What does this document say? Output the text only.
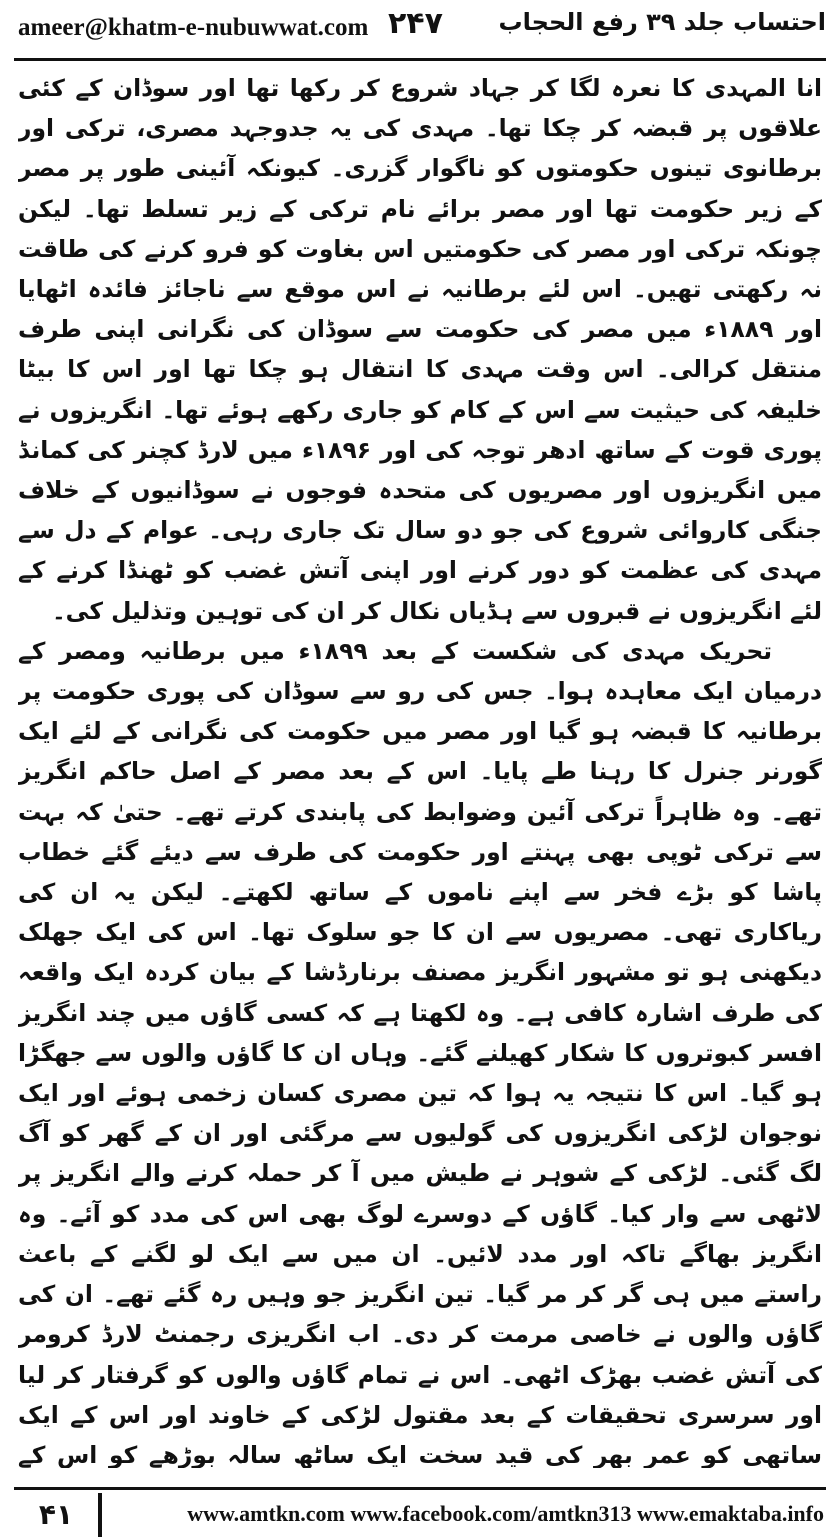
ameer@khatm-e-nubuwwat.com ۲۴۷ احتساب جلد ۳۹ رفع الحجاب

انا المہدی کا نعرہ لگا کر جہاد شروع کر رکھا تھا اور سوڈان کے کئی علاقوں پر قبضہ کر چکا تھا۔ مہدی کی یہ جدوجہد مصری، ترکی اور برطانوی تینوں حکومتوں کو ناگوار گزری۔ کیونکہ آئینی طور پر مصر کے زیر حکومت تھا اور مصر برائے نام ترکی کے زیر تسلط تھا۔ لیکن چونکہ ترکی اور مصر کی حکومتیں اس بغاوت کو فرو کرنے کی طاقت نہ رکھتی تھیں۔ اس لئے برطانیہ نے اس موقع سے ناجائز فائدہ اٹھایا اور ۱۸۸۹ء میں مصر کی حکومت سے سوڈان کی نگرانی اپنی طرف منتقل کرالی۔ اس وقت مہدی کا انتقال ہو چکا تھا اور اس کا بیٹا خلیفہ کی حیثیت سے اس کے کام کو جاری رکھے ہوئے تھا۔ انگریزوں نے پوری قوت کے ساتھ ادھر توجہ کی اور ۱۸۹۶ء میں لارڈ کچنر کی کمانڈ میں انگریزوں اور مصریوں کی متحدہ فوجوں نے سوڈانیوں کے خلاف جنگی کاروائی شروع کی جو دو سال تک جاری رہی۔ عوام کے دل سے مہدی کی عظمت کو دور کرنے اور اپنی آتش غضب کو ٹھنڈا کرنے کے لئے انگریزوں نے قبروں سے ہڈیاں نکال کر ان کی توہین وتذلیل کی۔

تحریک مہدی کی شکست کے بعد ۱۸۹۹ء میں برطانیہ ومصر کے درمیان ایک معاہدہ ہوا۔ جس کی رو سے سوڈان کی پوری حکومت پر برطانیہ کا قبضہ ہو گیا اور مصر میں حکومت کی نگرانی کے لئے ایک گورنر جنرل کا رہنا طے پایا۔ اس کے بعد مصر کے اصل حاکم انگریز تھے۔ وہ ظاہراً ترکی آئین وضوابط کی پابندی کرتے تھے۔ حتیٰ کہ بہت سے ترکی ٹوپی بھی پہنتے اور حکومت کی طرف سے دیئے گئے خطاب پاشا کو بڑے فخر سے اپنے ناموں کے ساتھ لکھتے۔ لیکن یہ ان کی ریاکاری تھی۔ مصریوں سے ان کا جو سلوک تھا۔ اس کی ایک جھلک دیکھنی ہو تو مشہور انگریز مصنف برنارڈشا کے بیان کردہ ایک واقعہ کی طرف اشارہ کافی ہے۔ وہ لکھتا ہے کہ کسی گاؤں میں چند انگریز افسر کبوتروں کا شکار کھیلنے گئے۔ وہاں ان کا گاؤں والوں سے جھگڑا ہو گیا۔ اس کا نتیجہ یہ ہوا کہ تین مصری کسان زخمی ہوئے اور ایک نوجوان لڑکی انگریزوں کی گولیوں سے مرگئی اور ان کے گھر کو آگ لگ گئی۔ لڑکی کے شوہر نے طیش میں آ کر حملہ کرنے والے انگریز پر لاٹھی سے وار کیا۔ گاؤں کے دوسرے لوگ بھی اس کی مدد کو آئے۔ وہ انگریز بھاگے تاکہ اور مدد لائیں۔ ان میں سے ایک لو لگنے کے باعث راستے میں ہی گر کر مر گیا۔ تین انگریز جو وہیں رہ گئے تھے۔ ان کی گاؤں والوں نے خاصی مرمت کر دی۔ اب انگریزی رجمنٹ لارڈ کرومر کی آتش غضب بھڑک اٹھی۔ اس نے تمام گاؤں والوں کو گرفتار کر لیا اور سرسری تحقیقات کے بعد مقتول لڑکی کے خاوند اور اس کے ایک ساتھی کو عمر بھر کی قید سخت ایک ساٹھ سالہ بوڑھے کو اس کے

۴۱	www.amtkn.com www.facebook.com/amtkn313 www.emaktaba.info
